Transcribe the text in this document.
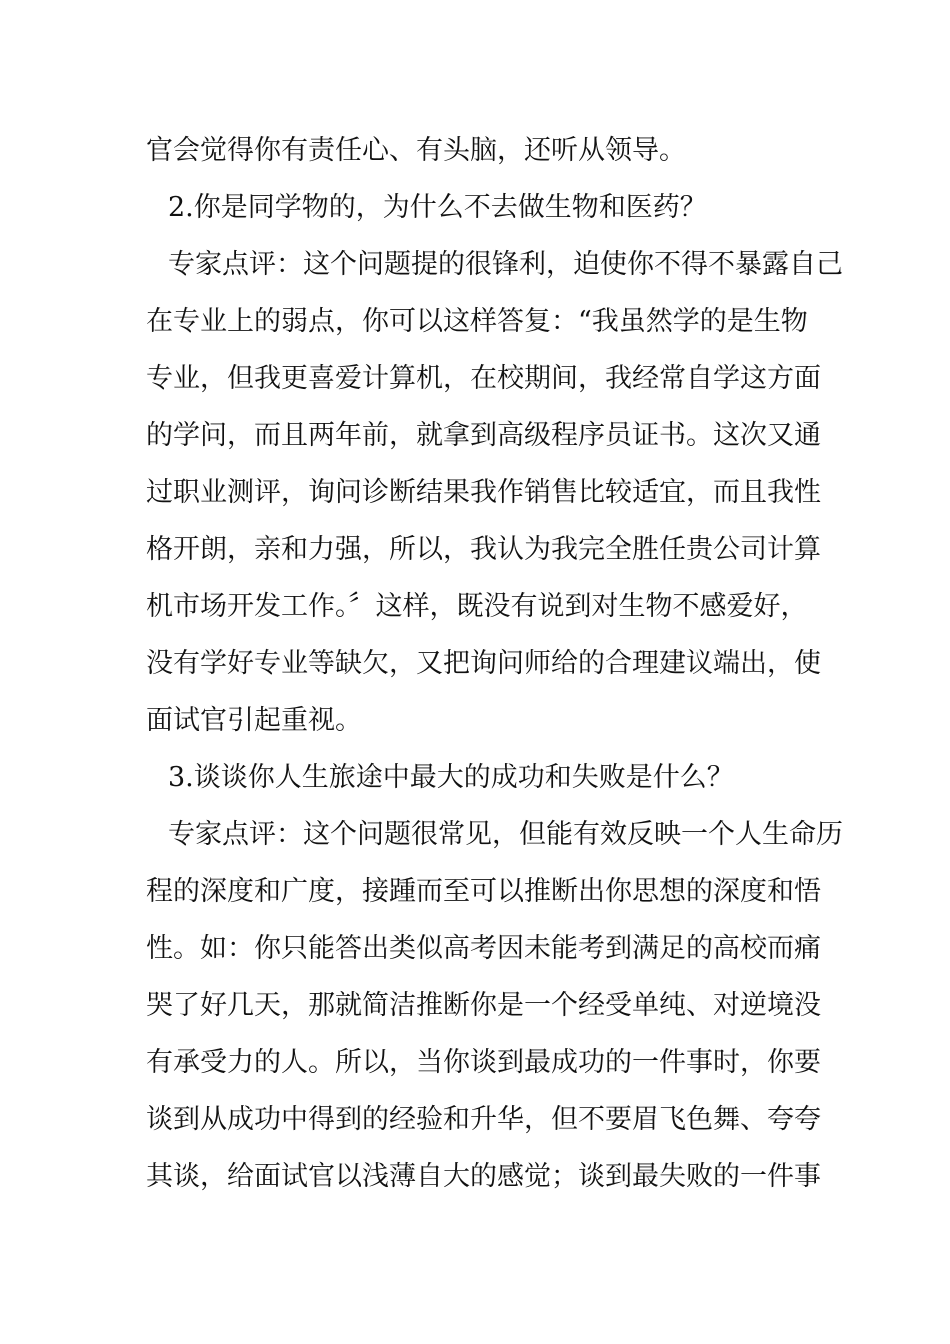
官会觉得你有责任心、有头脑，还听从领导。

2.你是同学物的，为什么不去做生物和医药？

专家点评：这个问题提的很锋利，迫使你不得不暴露自己

在专业上的弱点，你可以这样答复：“我虽然学的是生物

专业，但我更喜爱计算机，在校期间，我经常自学这方面

的学问，而且两年前，就拿到高级程序员证书。这次又通

过职业测评，询问诊断结果我作销售比较适宜，而且我性

格开朗，亲和力强，所以，我认为我完全胜任贵公司计算

机市场开发工作。〞这样，既没有说到对生物不感爱好，

没有学好专业等缺欠，又把询问师给的合理建议端出，使

面试官引起重视。

3.谈谈你人生旅途中最大的成功和失败是什么？

专家点评：这个问题很常见，但能有效反映一个人生命历

程的深度和广度，接踵而至可以推断出你思想的深度和悟

性。如：你只能答出类似高考因未能考到满足的高校而痛

哭了好几天，那就简洁推断你是一个经受单纯、对逆境没

有承受力的人。所以，当你谈到最成功的一件事时，你要

谈到从成功中得到的经验和升华，但不要眉飞色舞、夸夸

其谈，给面试官以浅薄自大的感觉；谈到最失败的一件事
